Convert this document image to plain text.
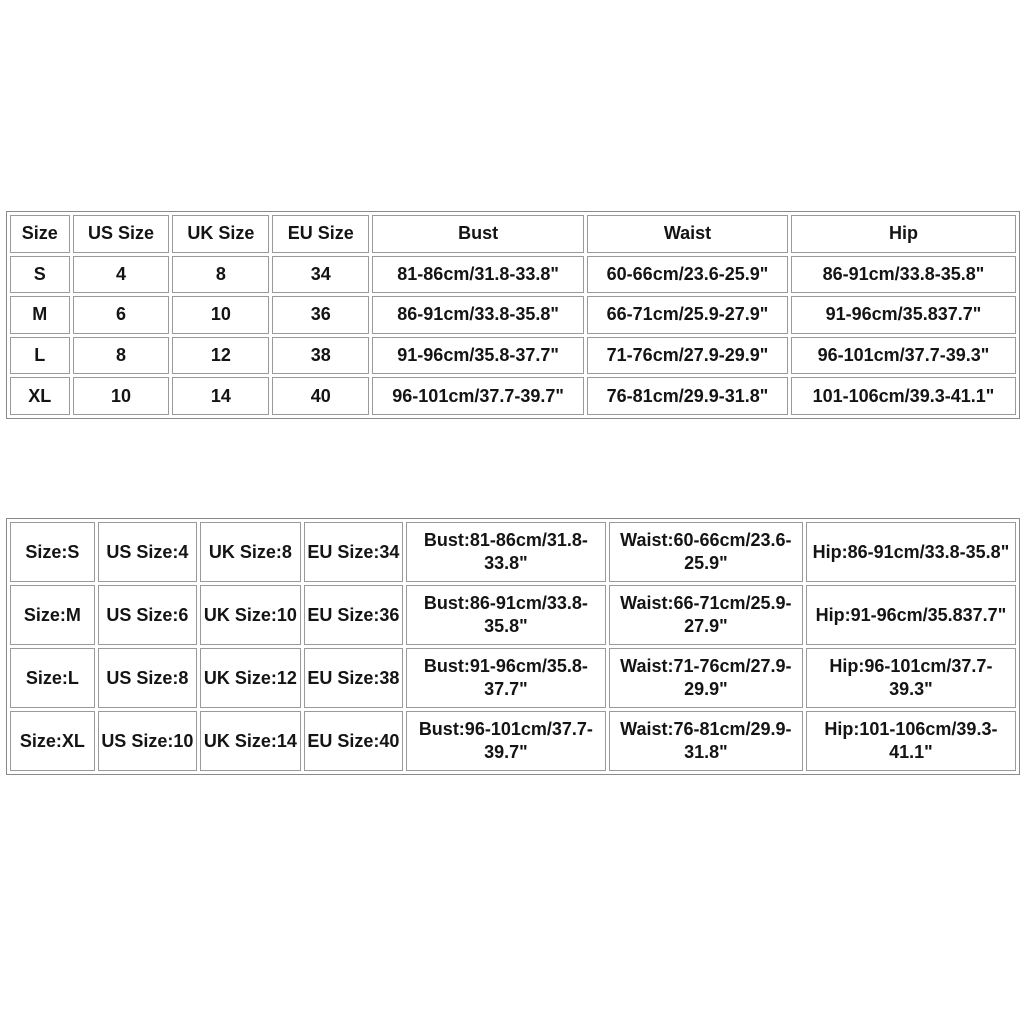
Size	US Size	UK Size	EU Size	Bust	Waist	Hip
S	4	8	34	81-86cm/31.8-33.8"	60-66cm/23.6-25.9"	86-91cm/33.8-35.8"
M	6	10	36	86-91cm/33.8-35.8"	66-71cm/25.9-27.9"	91-96cm/35.837.7"
L	8	12	38	91-96cm/35.8-37.7"	71-76cm/27.9-29.9"	96-101cm/37.7-39.3"
XL	10	14	40	96-101cm/37.7-39.7"	76-81cm/29.9-31.8"	101-106cm/39.3-41.1"
Size:S	US Size:4	UK Size:8	EU Size:34	Bust:81-86cm/31.8-33.8"	Waist:60-66cm/23.6-25.9"	Hip:86-91cm/33.8-35.8"
Size:M	US Size:6	UK Size:10	EU Size:36	Bust:86-91cm/33.8-35.8"	Waist:66-71cm/25.9-27.9"	Hip:91-96cm/35.837.7"
Size:L	US Size:8	UK Size:12	EU Size:38	Bust:91-96cm/35.8-37.7"	Waist:71-76cm/27.9-29.9"	Hip:96-101cm/37.7-39.3"
Size:XL	US Size:10	UK Size:14	EU Size:40	Bust:96-101cm/37.7-39.7"	Waist:76-81cm/29.9-31.8"	Hip:101-106cm/39.3-41.1"
